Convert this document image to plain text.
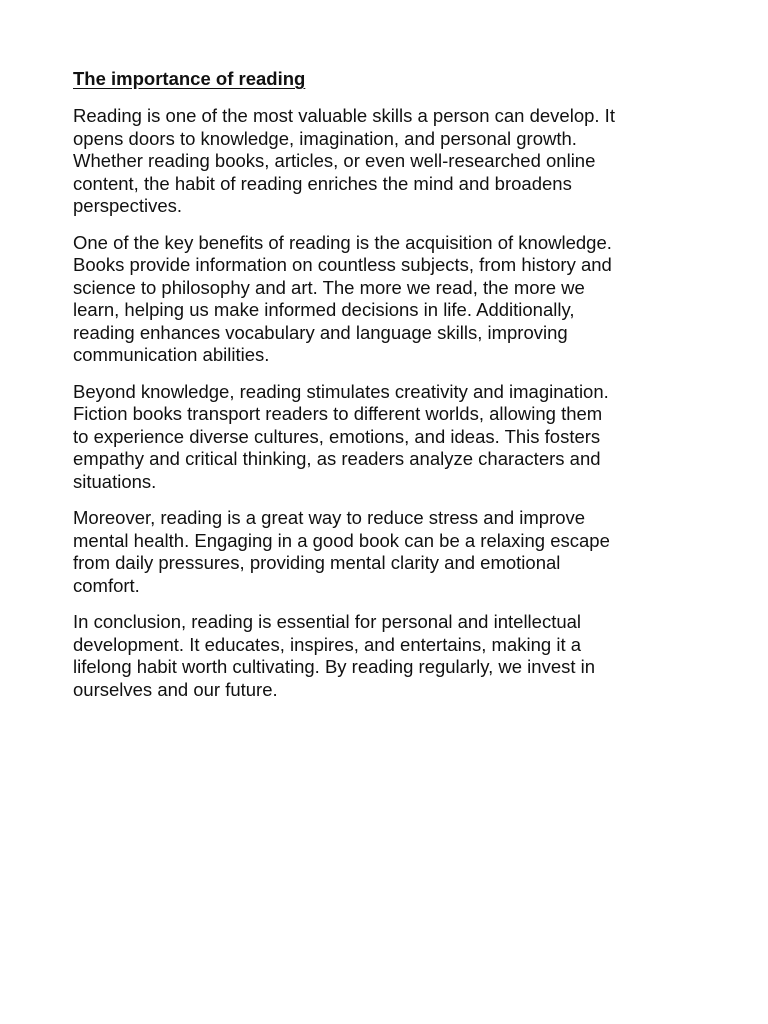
The importance of reading

Reading is one of the most valuable skills a person can develop. It
opens doors to knowledge, imagination, and personal growth.
Whether reading books, articles, or even well-researched online
content, the habit of reading enriches the mind and broadens
perspectives.

One of the key benefits of reading is the acquisition of knowledge.
Books provide information on countless subjects, from history and
science to philosophy and art. The more we read, the more we
learn, helping us make informed decisions in life. Additionally,
reading enhances vocabulary and language skills, improving
communication abilities.

Beyond knowledge, reading stimulates creativity and imagination.
Fiction books transport readers to different worlds, allowing them
to experience diverse cultures, emotions, and ideas. This fosters
empathy and critical thinking, as readers analyze characters and
situations.

Moreover, reading is a great way to reduce stress and improve
mental health. Engaging in a good book can be a relaxing escape
from daily pressures, providing mental clarity and emotional
comfort.

In conclusion, reading is essential for personal and intellectual
development. It educates, inspires, and entertains, making it a
lifelong habit worth cultivating. By reading regularly, we invest in
ourselves and our future.
